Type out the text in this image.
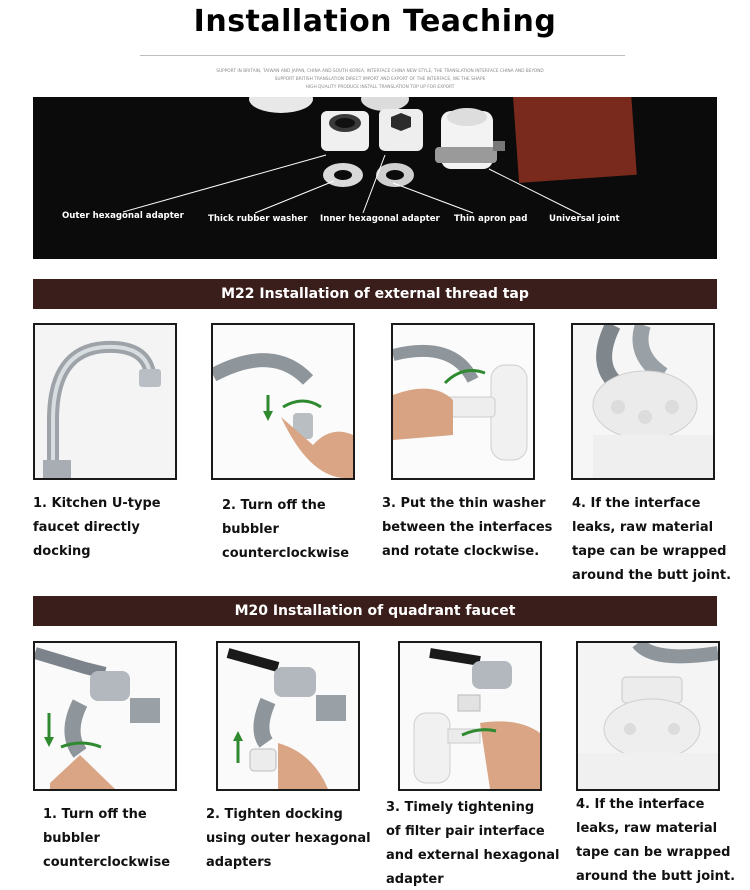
Installation Teaching
SUPPORT IN BRITAIN, TAIWAN AND JAPAN, CHINA AND SOUTH KOREA, INTERFACE CHINA NEW STYLE, THE TRANSLATION INTERFACE CHINA AND BEYOND
SUPPORT BRITISH TRANSLATION DIRECT IMPORT AND EXPORT OF THE INTERFACE, WE THE SHAPE
HIGH QUALITY PRODUCE INSTALL TRANSLATION TOP UP FOR EXPORT
Outer hexagonal adapter	Thick rubber washer Inner hexagonal adapter Thin apron pad	Universal joint
M22 Installation of external thread tap
1. Kitchen U-type
faucet directly
docking
2. Turn off the
bubbler
counterclockwise
3. Put the thin washer
between the interfaces
and rotate clockwise.
4. If the interface
leaks, raw material
tape can be wrapped
around the butt joint.
M20 Installation of quadrant faucet
1. Turn off the
bubbler
counterclockwise
2. Tighten docking
using outer hexagonal
adapters
3. Timely tightening
of filter pair interface
and external hexagonal
adapter
4. If the interface
leaks, raw material
tape can be wrapped
around the butt joint.
